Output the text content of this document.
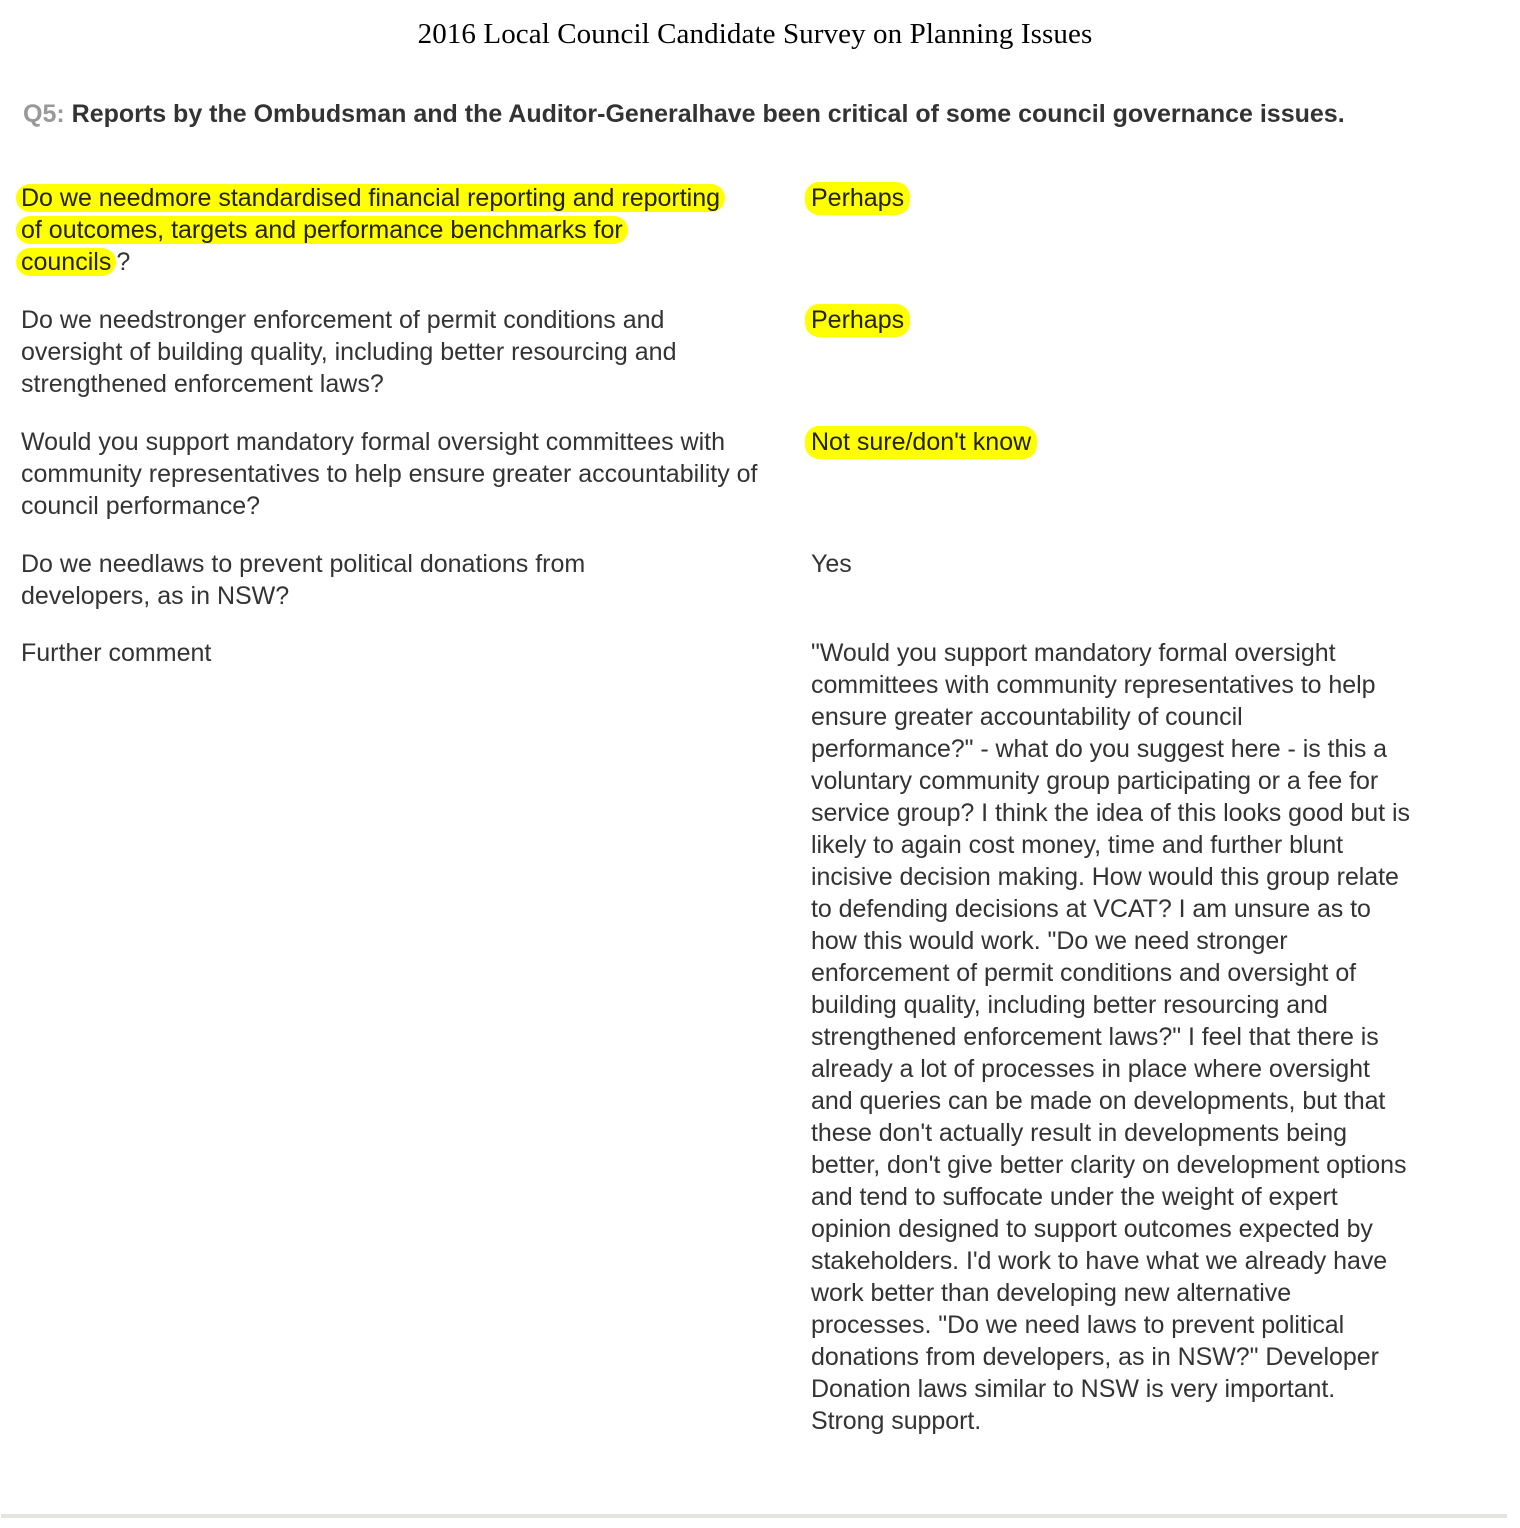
2016 Local Council Candidate Survey on Planning Issues
Q5: Reports by the Ombudsman and the Auditor-Generalhave been critical of some council governance issues.
Do we needmore standardised financial reporting and reporting of outcomes, targets and performance benchmarks for councils ?
Perhaps
Do we needstronger enforcement of permit conditions and oversight of building quality, including better resourcing and strengthened enforcement laws?
Perhaps
Would you support mandatory formal oversight committees with community representatives to help ensure greater accountability of council performance?
Not sure/don't know
Do we needlaws to prevent political donations from developers, as in NSW?
Yes
Further comment	"Would you support mandatory formal oversight committees with community representatives to help ensure greater accountability of council performance?" - what do you suggest here - is this a voluntary community group participating or a fee for service group? I think the idea of this looks good but is likely to again cost money, time and further blunt incisive decision making. How would this group relate to defending decisions at VCAT? I am unsure as to how this would work. "Do we need stronger enforcement of permit conditions and oversight of building quality, including better resourcing and strengthened enforcement laws?" I feel that there is already a lot of processes in place where oversight and queries can be made on developments, but that these don't actually result in developments being better, don't give better clarity on development options and tend to suffocate under the weight of expert opinion designed to support outcomes expected by stakeholders. I'd work to have what we already have work better than developing new alternative processes. "Do we need laws to prevent political donations from developers, as in NSW?" Developer Donation laws similar to NSW is very important. Strong support.
